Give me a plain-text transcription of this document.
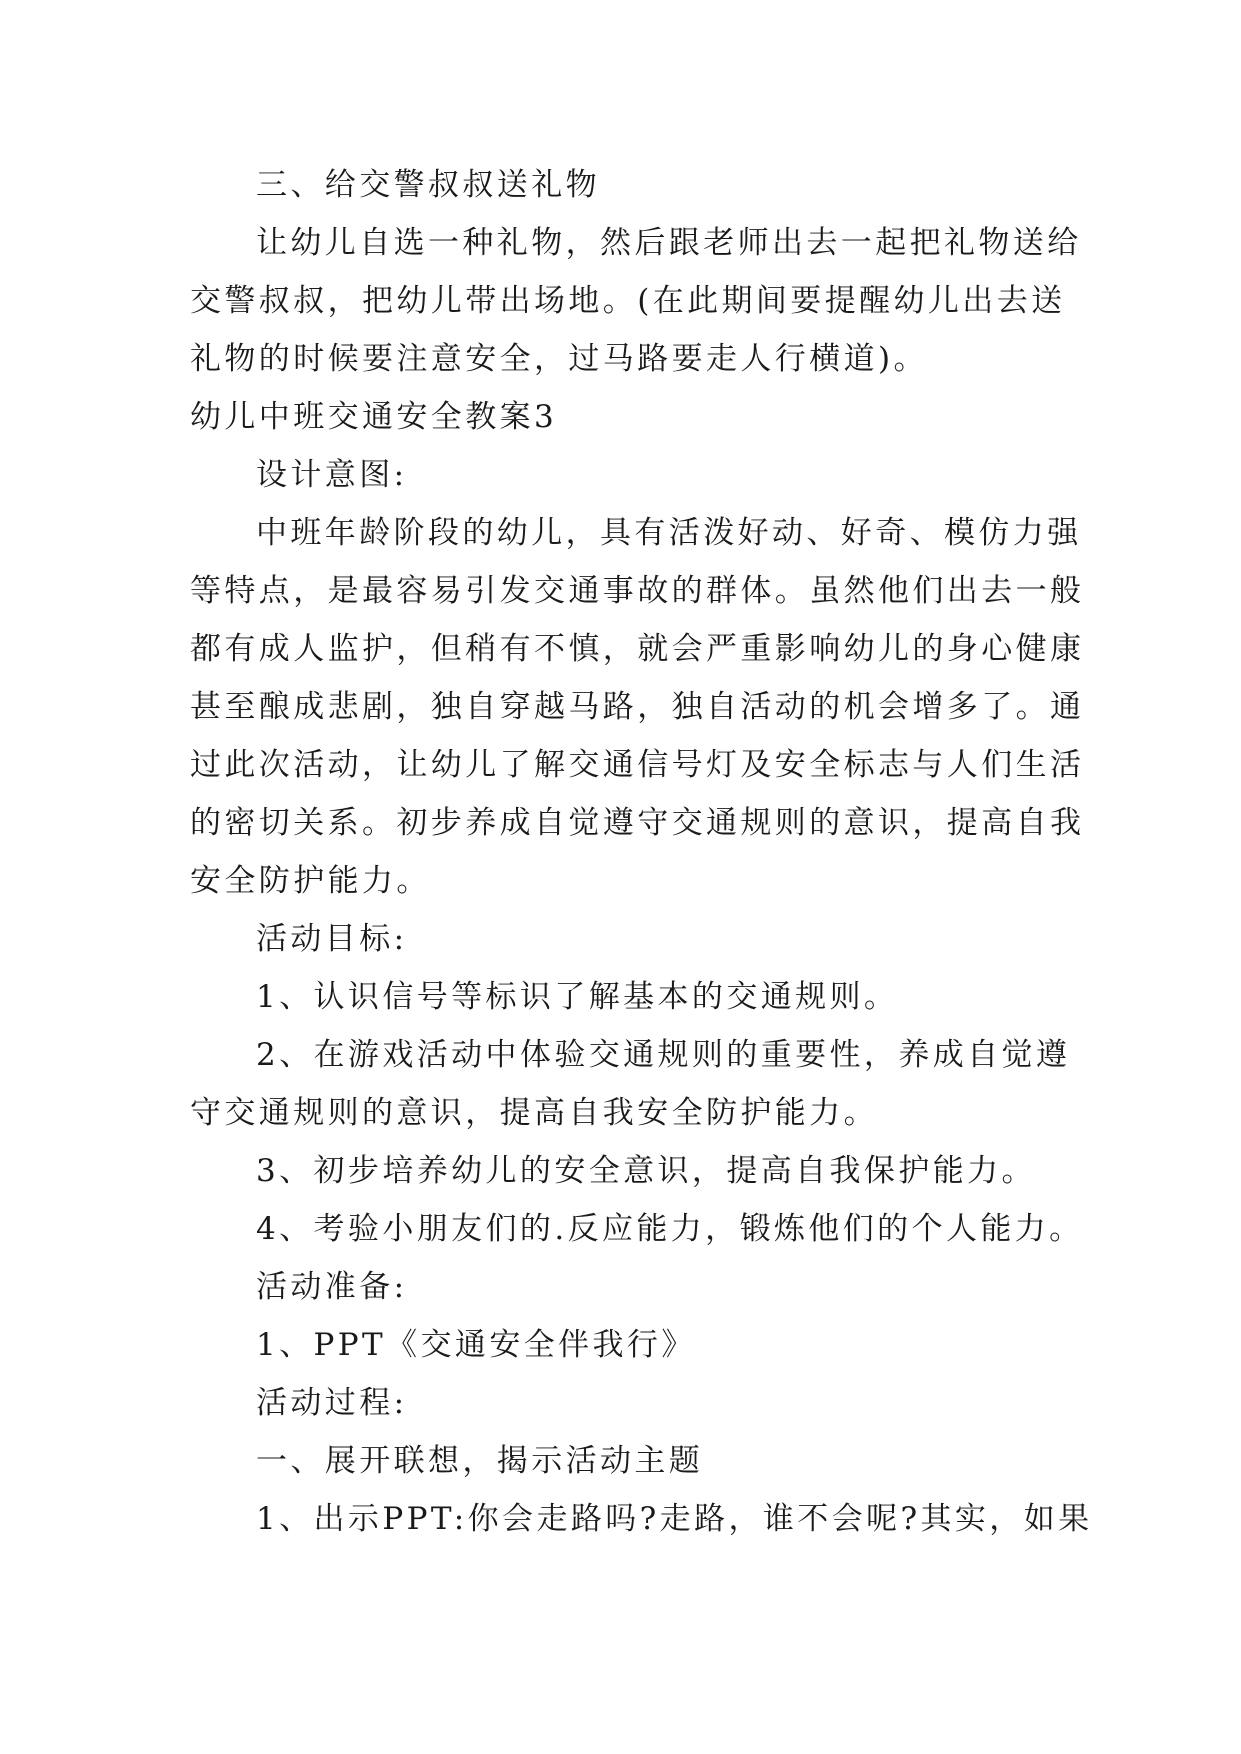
三、给交警叔叔送礼物
让幼儿自选一种礼物，然后跟老师出去一起把礼物送给
交警叔叔，把幼儿带出场地。(在此期间要提醒幼儿出去送
礼物的时候要注意安全，过马路要走人行横道)。
幼儿中班交通安全教案3
设计意图:
中班年龄阶段的幼儿，具有活泼好动、好奇、模仿力强
等特点，是最容易引发交通事故的群体。虽然他们出去一般
都有成人监护，但稍有不慎，就会严重影响幼儿的身心健康
甚至酿成悲剧，独自穿越马路，独自活动的机会增多了。通
过此次活动，让幼儿了解交通信号灯及安全标志与人们生活
的密切关系。初步养成自觉遵守交通规则的意识，提高自我
安全防护能力。
活动目标:
1、认识信号等标识了解基本的交通规则。
2、在游戏活动中体验交通规则的重要性，养成自觉遵
守交通规则的意识，提高自我安全防护能力。
3、初步培养幼儿的安全意识，提高自我保护能力。
4、考验小朋友们的.反应能力，锻炼他们的个人能力。
活动准备:
1、PPT《交通安全伴我行》
活动过程:
一、展开联想，揭示活动主题
1、出示PPT:你会走路吗?走路，谁不会呢?其实，如果
